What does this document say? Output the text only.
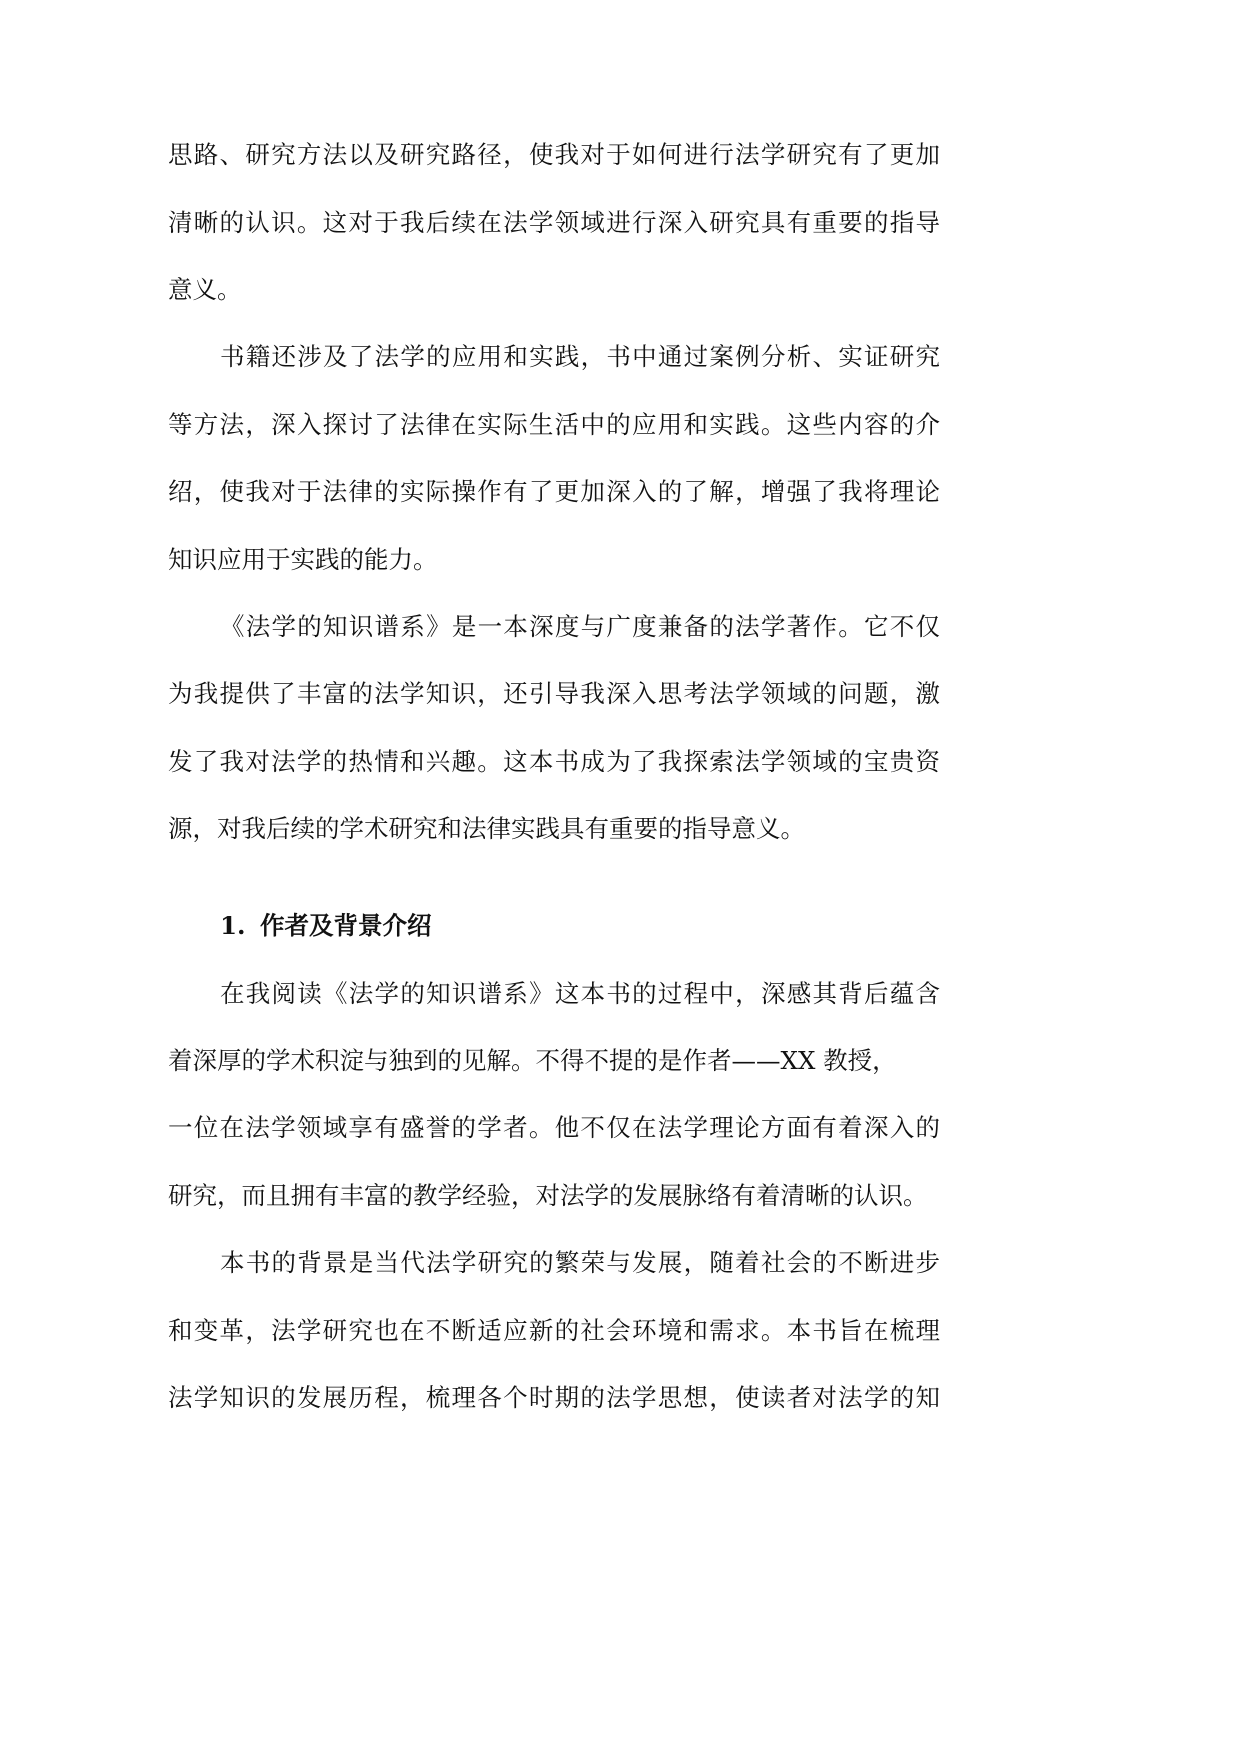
思路、研究方法以及研究路径，使我对于如何进行法学研究有了更加
清晰的认识。这对于我后续在法学领域进行深入研究具有重要的指导
意义。
书籍还涉及了法学的应用和实践，书中通过案例分析、实证研究
等方法，深入探讨了法律在实际生活中的应用和实践。这些内容的介
绍，使我对于法律的实际操作有了更加深入的了解，增强了我将理论
知识应用于实践的能力。
《法学的知识谱系》是一本深度与广度兼备的法学著作。它不仅
为我提供了丰富的法学知识，还引导我深入思考法学领域的问题，激
发了我对法学的热情和兴趣。这本书成为了我探索法学领域的宝贵资
源，对我后续的学术研究和法律实践具有重要的指导意义。
1. 作者及背景介绍
在我阅读《法学的知识谱系》这本书的过程中，深感其背后蕴含
着深厚的学术积淀与独到的见解。不得不提的是作者——XX 教授，
一位在法学领域享有盛誉的学者。他不仅在法学理论方面有着深入的
研究，而且拥有丰富的教学经验，对法学的发展脉络有着清晰的认识。
本书的背景是当代法学研究的繁荣与发展，随着社会的不断进步
和变革，法学研究也在不断适应新的社会环境和需求。本书旨在梳理
法学知识的发展历程，梳理各个时期的法学思想，使读者对法学的知
